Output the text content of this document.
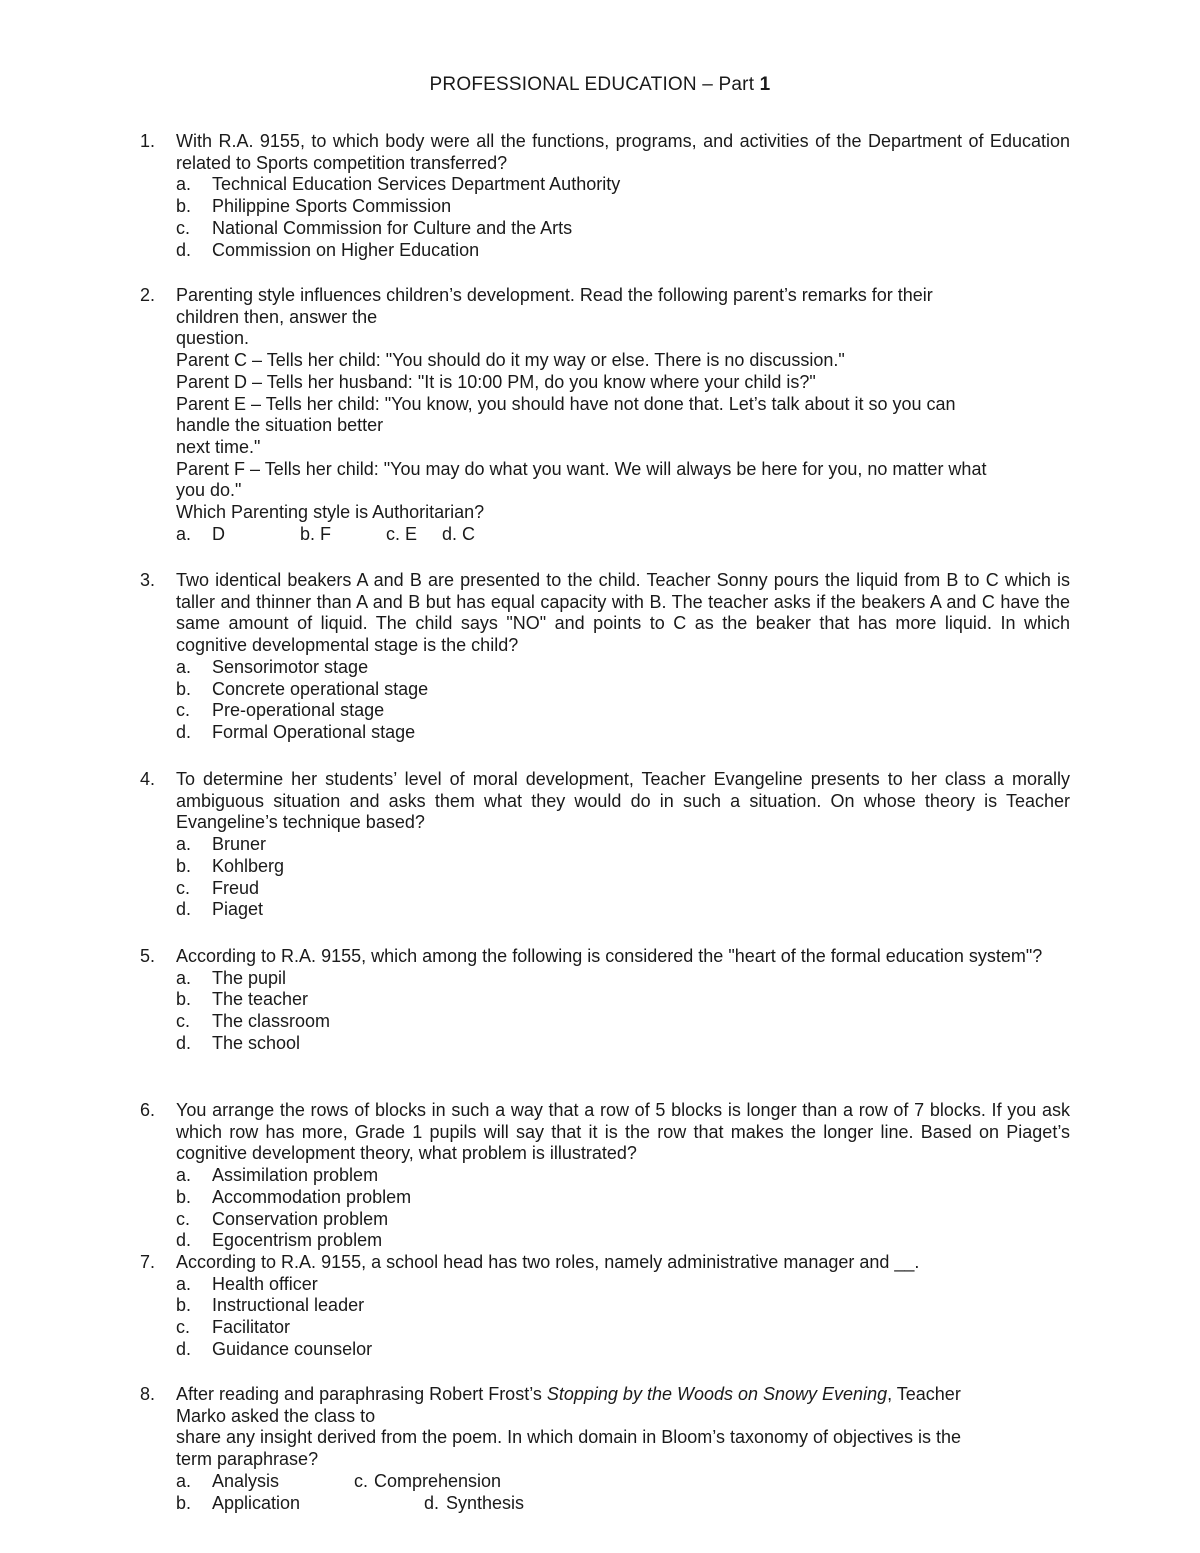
PROFESSIONAL EDUCATION – Part 1
1.	With R.A. 9155, to which body were all the functions, programs, and activities of the Department of Education related to Sports competition transferred?
a. Technical Education Services Department Authority
b. Philippine Sports Commission
c. National Commission for Culture and the Arts
d. Commission on Higher Education
2.	Parenting style influences children’s development. Read the following parent’s remarks for their
children then, answer the
question.
Parent C – Tells her child: "You should do it my way or else. There is no discussion."
Parent D – Tells her husband: "It is 10:00 PM, do you know where your child is?"
Parent E – Tells her child: "You know, you should have not done that. Let’s talk about it so you can
handle the situation better
next time."
Parent F – Tells her child: "You may do what you want. We will always be here for you, no matter what
you do."
Which Parenting style is Authoritarian?
a. D	b. F	c. E d. C
3.	Two identical beakers A and B are presented to the child. Teacher Sonny pours the liquid from B to C which is taller and thinner than A and B but has equal capacity with B. The teacher asks if the beakers A and C have the same amount of liquid. The child says "NO" and points to C as the beaker that has more liquid. In which cognitive developmental stage is the child?
a. Sensorimotor stage
b. Concrete operational stage
c. Pre-operational stage
d. Formal Operational stage
4.	To determine her students’ level of moral development, Teacher Evangeline presents to her class a morally ambiguous situation and asks them what they would do in such a situation. On whose theory is Teacher Evangeline’s technique based?
a. Bruner
b. Kohlberg
c. Freud
d. Piaget
5.	According to R.A. 9155, which among the following is considered the "heart of the formal education system"?
a. The pupil
b. The teacher
c. The classroom
d. The school
6.	You arrange the rows of blocks in such a way that a row of 5 blocks is longer than a row of 7 blocks. If you ask which row has more, Grade 1 pupils will say that it is the row that makes the longer line. Based on Piaget’s cognitive development theory, what problem is illustrated?
a. Assimilation problem
b. Accommodation problem
c. Conservation problem
d. Egocentrism problem
7.	According to R.A. 9155, a school head has two roles, namely administrative manager and __.
a. Health officer
b. Instructional leader
c. Facilitator
d. Guidance counselor
8.	After reading and paraphrasing Robert Frost’s Stopping by the Woods on Snowy Evening, Teacher
Marko asked the class to
share any insight derived from the poem. In which domain in Bloom’s taxonomy of objectives is the
term paraphrase?
a. Analysis	c. Comprehension
b. Application	d. Synthesis
